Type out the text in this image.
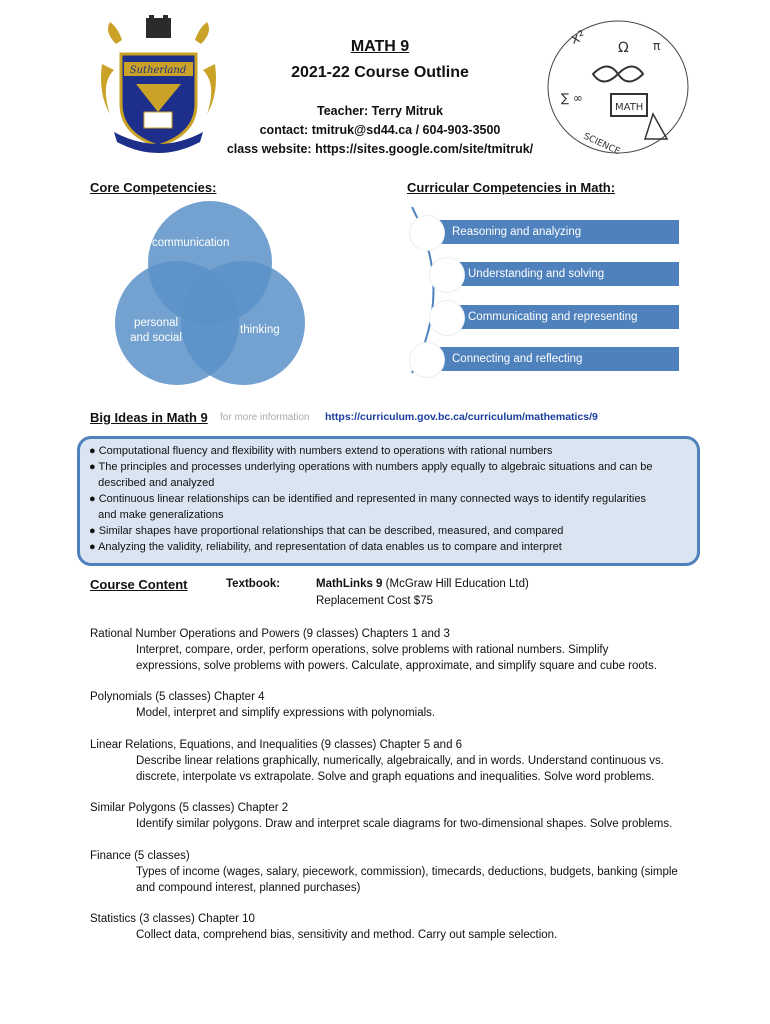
Sutherland
x²
Ω π
MATH
∑ ∞
SCIENCE
MATH 9
2021-22 Course Outline
Teacher: Terry Mitruk
contact: tmitruk@sd44.ca / 604-903-3500
class website: https://sites.google.com/site/tmitruk/
Core Competencies:	Curricular Competencies in Math:
communication
personal and social
thinking
Reasoning and analyzing
Understanding and solving
Communicating and representing
Connecting and reflecting
Big Ideas in Math 9 for more information https://curriculum.gov.bc.ca/curriculum/mathematics/9
● Computational fluency and flexibility with numbers extend to operations with rational numbers
● The principles and processes underlying operations with numbers apply equally to algebraic situations and can be
described and analyzed
● Continuous linear relationships can be identified and represented in many connected ways to identify regularities
and make generalizations
● Similar shapes have proportional relationships that can be described, measured, and compared
● Analyzing the validity, reliability, and representation of data enables us to compare and interpret
Course Content	Textbook:	MathLinks 9 (McGraw Hill Education Ltd)
Replacement Cost $75
Rational Number Operations and Powers (9 classes) Chapters 1 and 3
Interpret, compare, order, perform operations, solve problems with rational numbers. Simplify
expressions, solve problems with powers. Calculate, approximate, and simplify square and cube roots.
Polynomials (5 classes) Chapter 4
Model, interpret and simplify expressions with polynomials.
Linear Relations, Equations, and Inequalities (9 classes) Chapter 5 and 6
Describe linear relations graphically, numerically, algebraically, and in words. Understand continuous vs.
discrete, interpolate vs extrapolate. Solve and graph equations and inequalities. Solve word problems.
Similar Polygons (5 classes) Chapter 2
Identify similar polygons. Draw and interpret scale diagrams for two-dimensional shapes. Solve problems.
Finance (5 classes)
Types of income (wages, salary, piecework, commission), timecards, deductions, budgets, banking (simple
and compound interest, planned purchases)
Statistics (3 classes) Chapter 10
Collect data, comprehend bias, sensitivity and method. Carry out sample selection.
